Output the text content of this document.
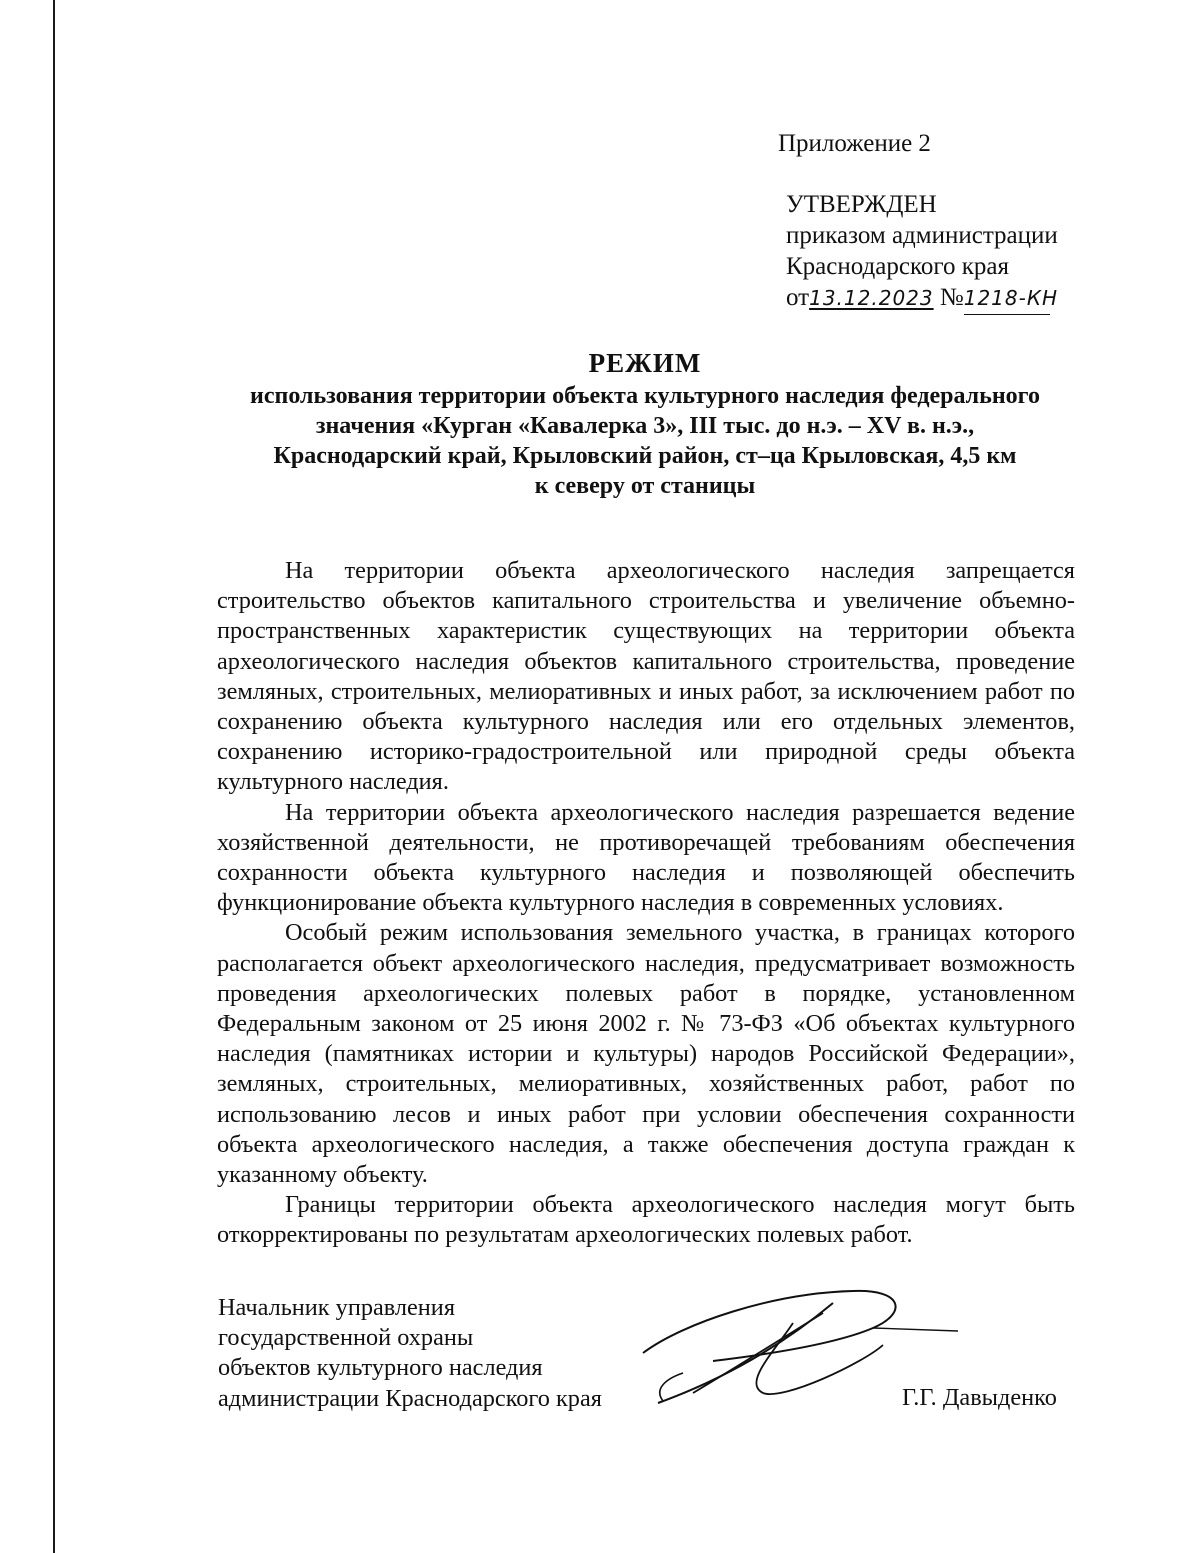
Приложение 2
УТВЕРЖДЕН
приказом администрации
Краснодарского края
от13.12.2023 №1218-КН
РЕЖИМ
использования территории объекта культурного наследия федерального
значения «Курган «Кавалерка 3», III тыс. до н.э. – XV в. н.э.,
Краснодарский край, Крыловский район, ст–ца Крыловская, 4,5 км
к северу от станицы

На территории объекта археологического наследия запрещается строительство объектов капитального строительства и увеличение объемно-пространственных характеристик существующих на территории объекта археологического наследия объектов капитального строительства, проведение земляных, строительных, мелиоративных и иных работ, за исключением работ по сохранению объекта культурного наследия или его отдельных элементов, сохранению историко-градостроительной или природной среды объекта культурного наследия.

На территории объекта археологического наследия разрешается ведение хозяйственной деятельности, не противоречащей требованиям обеспечения сохранности объекта культурного наследия и позволяющей обеспечить функционирование объекта культурного наследия в современных условиях.

Особый режим использования земельного участка, в границах которого располагается объект археологического наследия, предусматривает возможность проведения археологических полевых работ в порядке, установленном Федеральным законом от 25 июня 2002 г. № 73-ФЗ «Об объектах культурного наследия (памятниках истории и культуры) народов Российской Федерации», земляных, строительных, мелиоративных, хозяйственных работ, работ по использованию лесов и иных работ при условии обеспечения сохранности объекта археологического наследия, а также обеспечения доступа граждан к указанному объекту.

Границы территории объекта археологического наследия могут быть откорректированы по результатам археологических полевых работ.

Начальник управления
государственной охраны
объектов культурного наследия
администрации Краснодарского края	Г.Г. Давыденко
